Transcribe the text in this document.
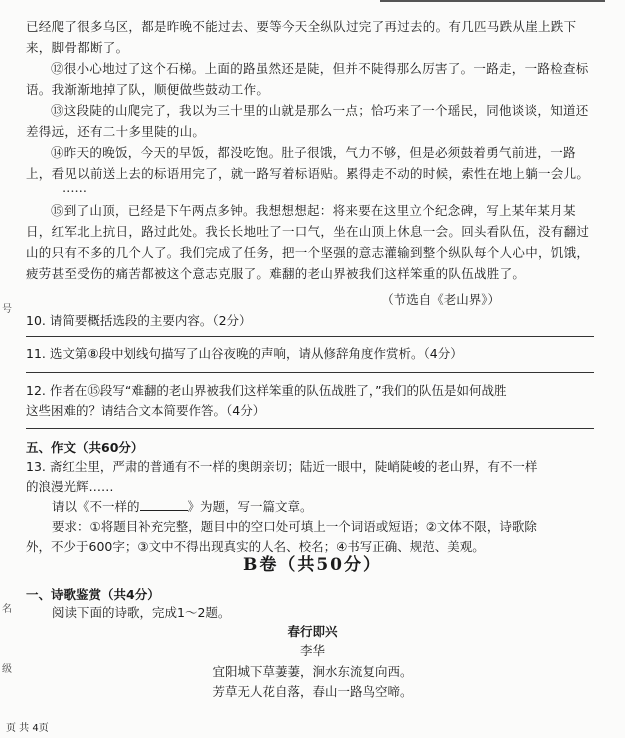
已经爬了很多乌区，都是昨晚不能过去、要等今天全纵队过完了再过去的。有几匹马跌从崖上跌下来，脚骨都断了。

⑫很小心地过了这个石梯。上面的路虽然还是陡，但并不陡得那么厉害了。一路走，一路检查标语。我渐渐地掉了队，顺便做些鼓动工作。

⑬这段陡的山爬完了，我以为三十里的山就是那么一点；恰巧来了一个瑶民，同他谈谈，知道还差得远，还有二十多里陡的山。

⑭昨天的晚饭，今天的早饭，都没吃饱。肚子很饿，气力不够，但是必须鼓着勇气前进，一路上，看见以前送上去的标语用完了，就一路写着标语贴。累得走不动的时候，索性在地上躺一会儿。

……

⑮到了山顶，已经是下午两点多钟。我想想想起：将来要在这里立个纪念碑，写上某年某月某日，红军北上抗日，路过此处。我长长地吐了一口气，坐在山顶上休息一会。回头看队伍，没有翻过山的只有不多的几个人了。我们完成了任务，把一个坚强的意志灌输到整个纵队每个人心中，饥饿，疲劳甚至受伤的痛苦都被这个意志克服了。难翻的老山界被我们这样笨重的队伍战胜了。

（节选自《老山界》）
10. 请简要概括选段的主要内容。（2分）
11. 选文第⑧段中划线句描写了山谷夜晚的声响，请从修辞角度作赏析。（4分）
12. 作者在⑮段写“难翻的老山界被我们这样笨重的队伍战胜了，”我们的队伍是如何战胜
这些困难的？请结合文本简要作答。（4分）
五、作文（共60分）
13. 斋红尘里，严肃的普通有不一样的奥朗亲切；陆近一眼中，陡峭陡峻的老山界，有不一样
的浪漫光辉……
请以《不一样的	》为题，写一篇文章。
要求：①将题目补充完整，题目中的空口处可填上一个词语或短语；②文体不限，诗歌除
外，不少于600字；③文中不得出现真实的人名、校名；④书写正确、规范、美观。
B卷（共50分）
一、诗歌鉴赏（共4分）
阅读下面的诗歌，完成1～2题。
春行即兴
李华
宜阳城下草萋萋，涧水东流复向西。
芳草无人花自落，春山一路鸟空啼。
号
名
级
页 共 4页
